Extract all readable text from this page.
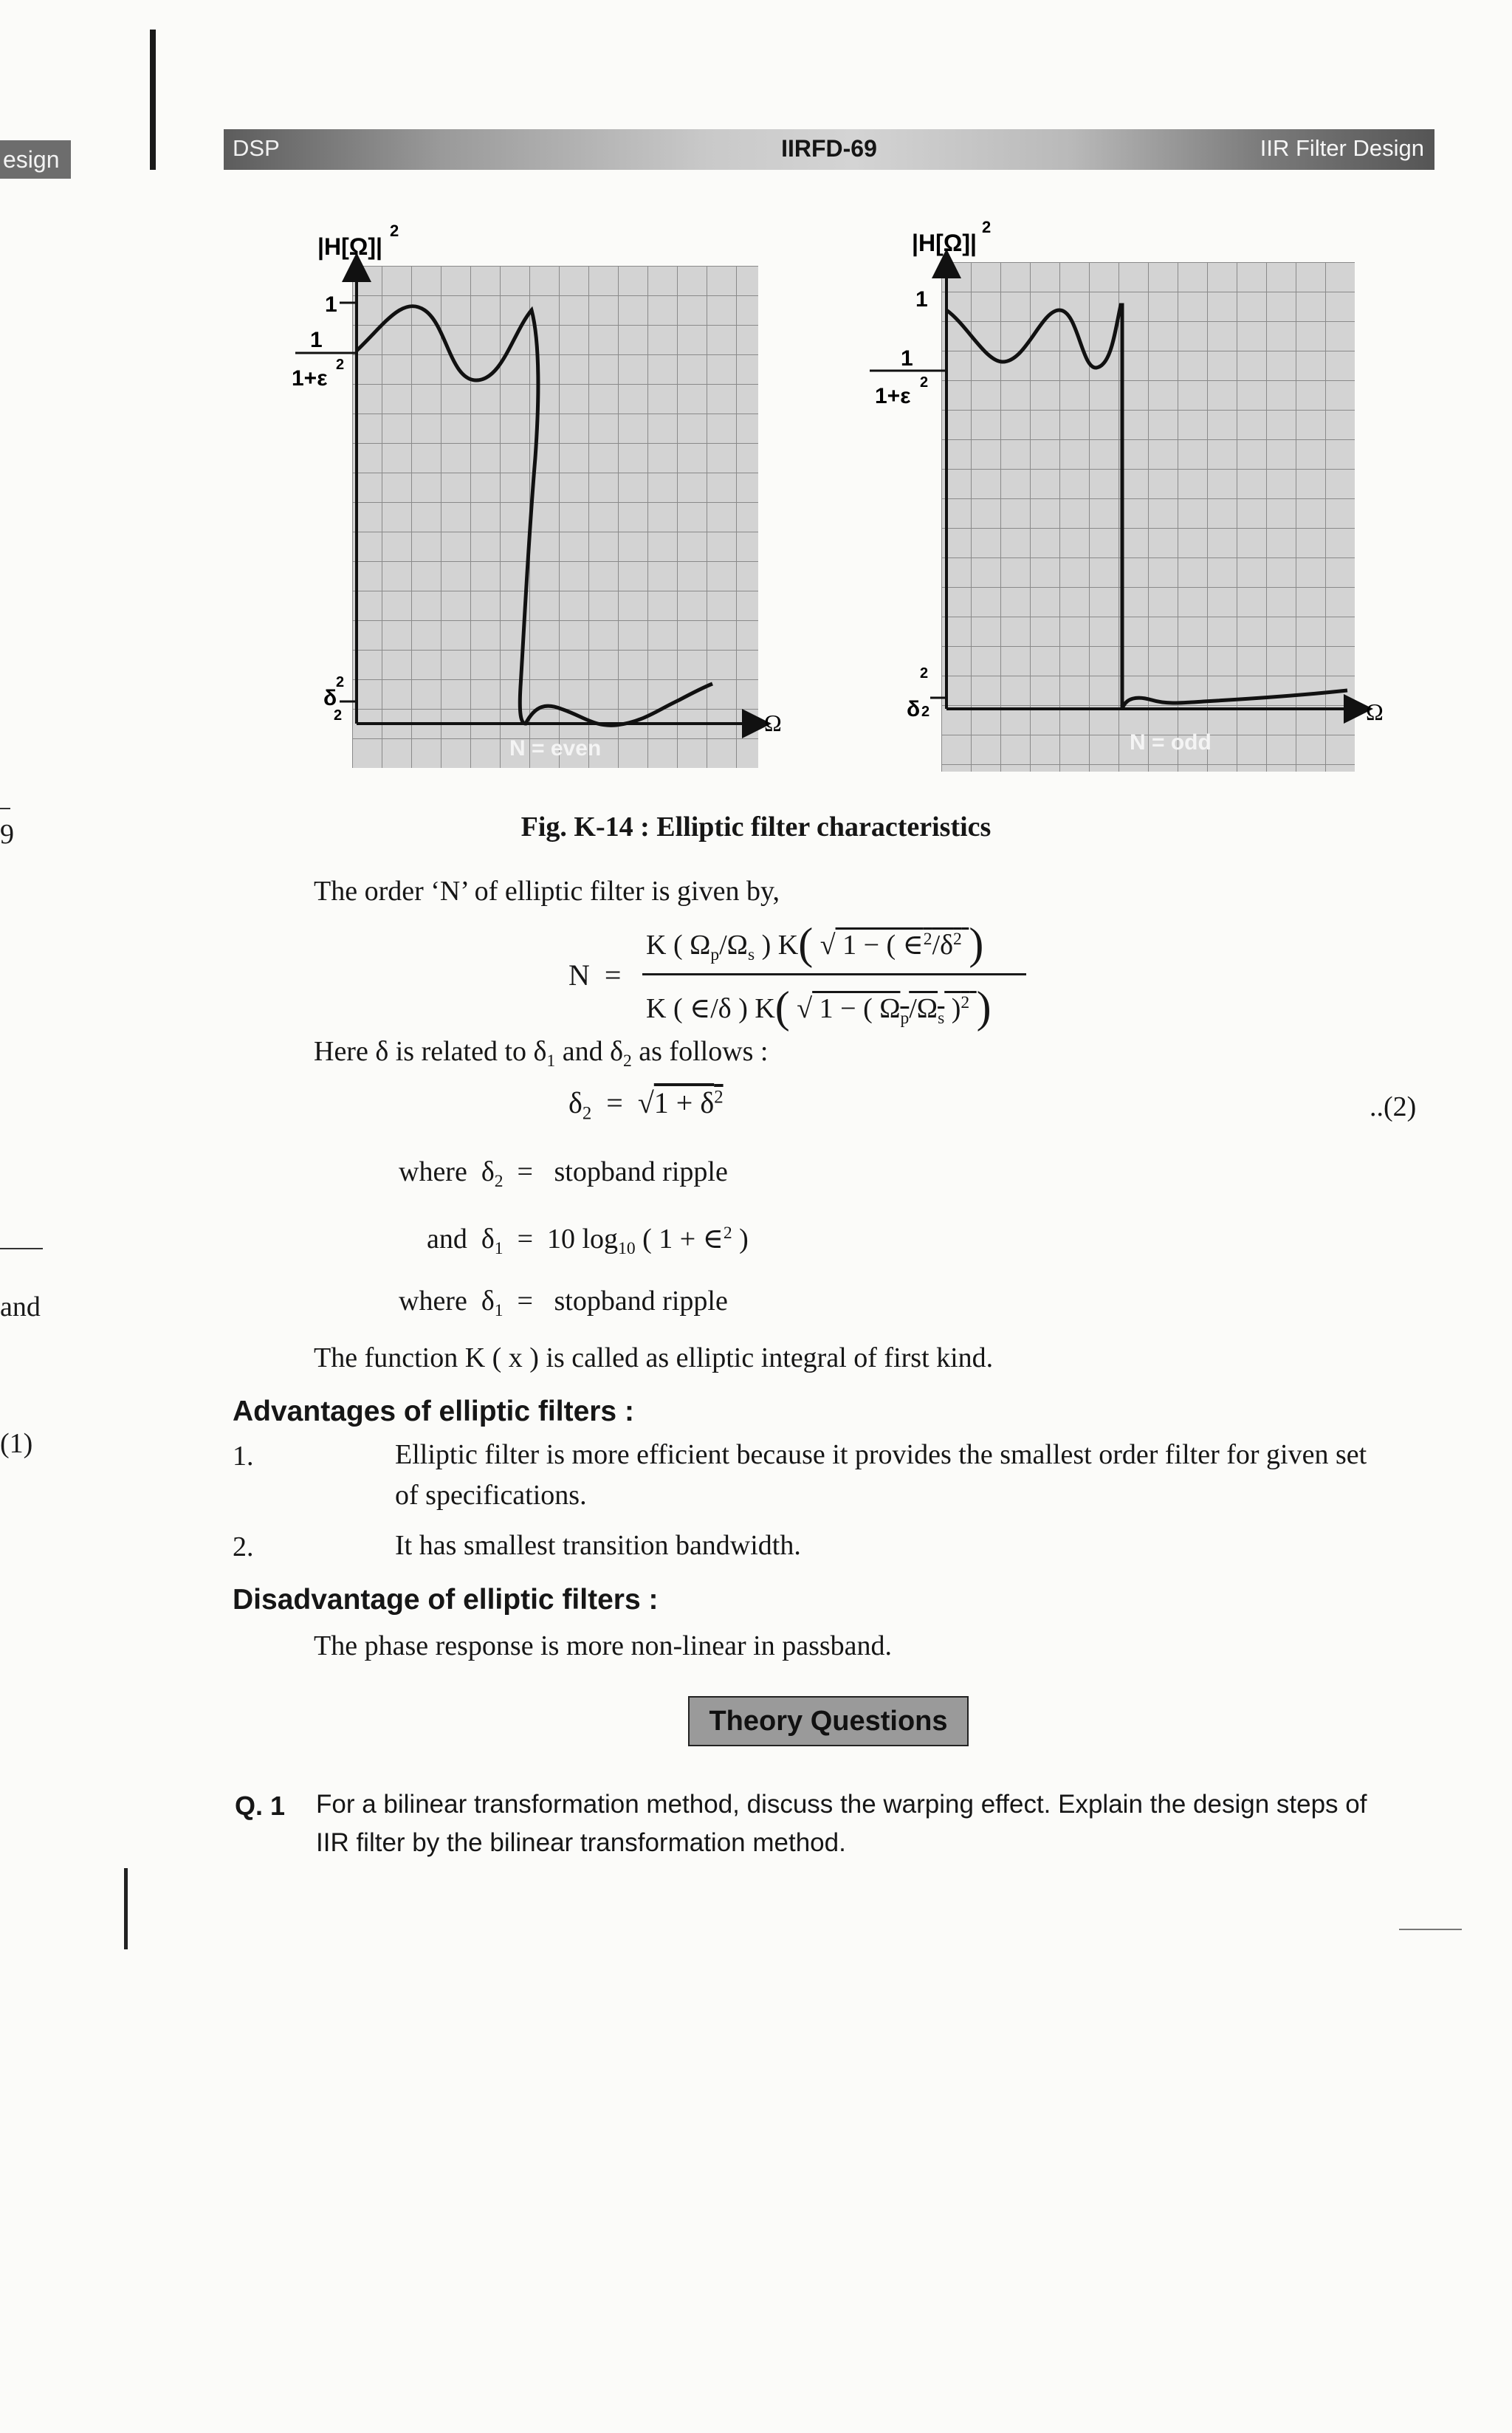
esign
9
and
(1)
DSP	IIRFD-69	IIR Filter Design
|H[Ω]|
2
1
1
1+ε
2
δ
2
2	Ω
N = even
|H[Ω]|
2
1
1
1+ε
2
δ
2
2	Ω
N = odd
Fig. K-14 : Elliptic filter characteristics
The order ‘N’ of elliptic filter is given by,
N  =
K ( $\Omega_p/\Omega_s$ ) K( √ 1 − ( $\in^2/\delta^2$ )
K ( ∈/δ ) K( √ 1 − ( $\Omega_p/\Omega_s$ )$^2$ )
Here δ is related to $\delta_1$ and $\delta_2$ as follows :
$\delta_2 = √1 + \delta^2$	..(2)
where  $\delta_2$  =   stopband ripple
and  $\delta_1 = 10$ $\log_{10}$ ( 1 + ∈$^2$ )
where  $\delta_1$  =   stopband ripple
The function K ( x ) is called as elliptic integral of first kind.
Advantages of elliptic filters :
1.	Elliptic filter is more efficient because it provides the smallest order filter for given set
of specifications.
2.	It has smallest transition bandwidth.
Disadvantage of elliptic filters :
The phase response is more non-linear in passband.
Theory Questions
Q. 1 For a bilinear transformation method, discuss the warping effect. Explain the design steps of
IIR filter by the bilinear transformation method.
